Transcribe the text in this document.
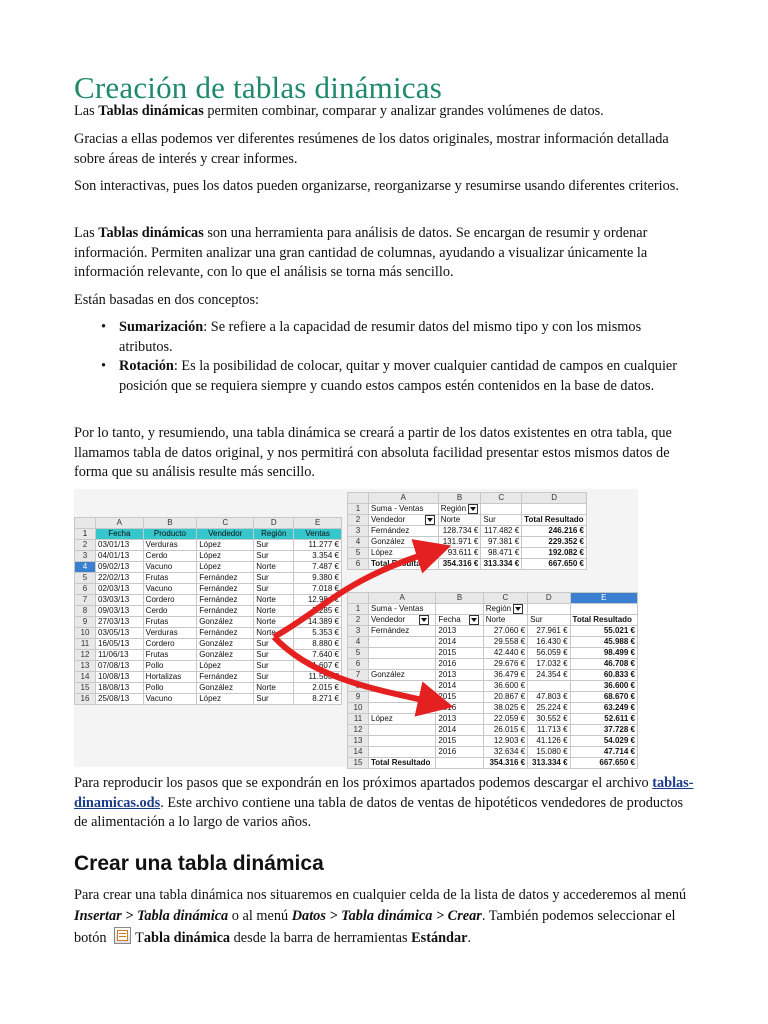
Creación de tablas dinámicas

Las Tablas dinámicas permiten combinar, comparar y analizar grandes volúmenes de datos.

Gracias a ellas podemos ver diferentes resúmenes de los datos originales, mostrar información detallada sobre áreas de interés y crear informes.

Son interactivas, pues los datos pueden organizarse, reorganizarse y resumirse usando diferentes criterios.

Las Tablas dinámicas son una herramienta para análisis de datos. Se encargan de resumir y ordenar información. Permiten analizar una gran cantidad de columnas, ayudando a visualizar únicamente la información relevante, con lo que el análisis se torna más sencillo.

Están basadas en dos conceptos:

• Sumarización: Se refiere a la capacidad de resumir datos del mismo tipo y con los mismos atributos.
• Rotación: Es la posibilidad de colocar, quitar y mover cualquier cantidad de campos en cualquier posición que se requiera siempre y cuando estos campos estén contenidos en la base de datos.

Por lo tanto, y resumiendo, una tabla dinámica se creará a partir de los datos existentes en otra tabla, que llamamos tabla de datos original, y nos permitirá con absoluta facilidad presentar estos mismos datos de forma que su análisis resulte más sencillo.

Para reproducir los pasos que se expondrán en los próximos apartados podemos descargar el archivo tablas-dinamicas.ods. Este archivo contiene una tabla de datos de ventas de hipotéticos vendedores de productos de alimentación a lo largo de varios años.

Crear una tabla dinámica

Para crear una tabla dinámica nos situaremos en cualquier celda de la lista de datos y accederemos al menú Insertar > Tabla dinámica o al menú Datos > Tabla dinámica > Crear. También podemos seleccionar el botón Tabla dinámica desde la barra de herramientas Estándar.

	A	B	C	D	E
1	Fecha	Producto	Vendedor	Región	Ventas
2	03/01/13	Verduras	López	Sur	11.277 €
3	04/01/13	Cerdo	López	Sur	3.354 €
4	09/02/13	Vacuno	López	Norte	7.487 €
5	22/02/13	Frutas	Fernández	Sur	9.380 €
6	02/03/13	Vacuno	Fernández	Sur	7.018 €
7	03/03/13	Cordero	Fernández	Norte	12.984 €
8	09/03/13	Cerdo	Fernández	Norte	7.285 €
9	27/03/13	Frutas	González	Norte	14.389 €
10	03/05/13	Verduras	Fernández	Norte	5.353 €
11	16/05/13	Cordero	González	Sur	8.880 €
12	11/06/13	Frutas	González	Sur	7.640 €
13	07/08/13	Pollo	López	Sur	1.607 €
14	10/08/13	Hortalizas	Fernández	Sur	11.563 €
15	18/08/13	Pollo	González	Norte	2.015 €
16	25/08/13	Vacuno	López	Sur	8.271 €
	A	B	C	D
1	Suma - Ventas	Región		
2	Vendedor	Norte	Sur	Total Resultado
3	Fernández	128.734 €	117.482 €	246.216 €
4	González	131.971 €	97.381 €	229.352 €
5	López	93.611 €	98.471 €	192.082 €
6	Total Resultado	354.316 €	313.334 €	667.650 €
	A	B	C	D	E
1	Suma - Ventas		Región		
2	Vendedor	Fecha	Norte	Sur	Total Resultado
3	Fernández	2013	27.060 €	27.961 €	55.021 €
4		2014	29.558 €	16.430 €	45.988 €
5		2015	42.440 €	56.059 €	98.499 €
6		2016	29.676 €	17.032 €	46.708 €
7	González	2013	36.479 €	24.354 €	60.833 €
8		2014	36.600 €		36.600 €
9		2015	20.867 €	47.803 €	68.670 €
10		2016	38.025 €	25.224 €	63.249 €
11	López	2013	22.059 €	30.552 €	52.611 €
12		2014	26.015 €	11.713 €	37.728 €
13		2015	12.903 €	41.126 €	54.029 €
14		2016	32.634 €	15.080 €	47.714 €
15	Total Resultado		354.316 €	313.334 €	667.650 €
